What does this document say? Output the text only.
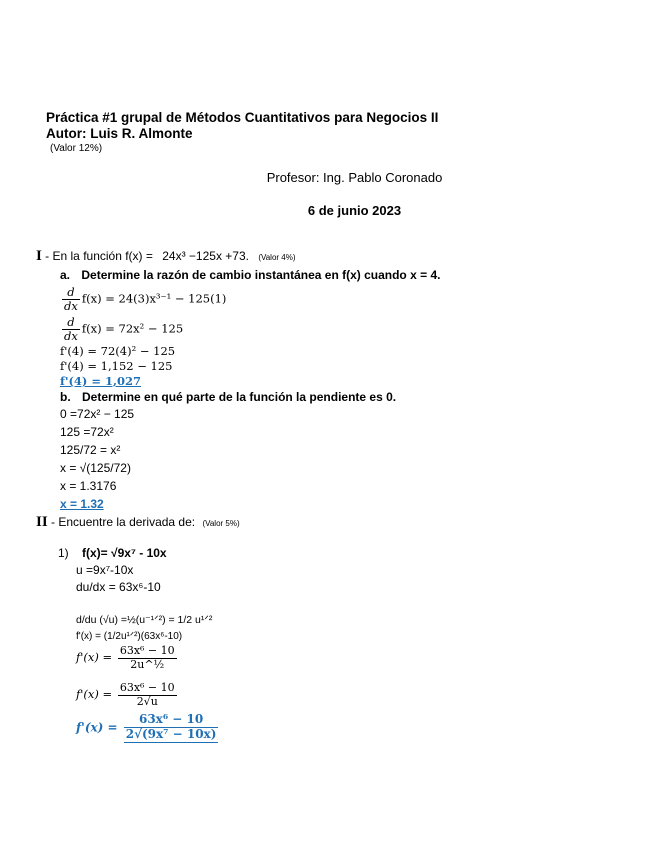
Práctica #1 grupal de Métodos Cuantitativos para Negocios II
Autor: Luis R. Almonte
(Valor 12%)
Profesor: Ing. Pablo Coronado
6 de junio 2023
I - En la función f(x) = 24x³ −125x +73. (Valor 4%)
a. Determine la razón de cambio instantánea en f(x) cuando x = 4.
$\frac{d}{dx} f(x) = 24(3)x^{3-1} - 125(1)$
$\frac{d}{dx} f(x) = 72x^2 - 125$
f'(4) = 72(4)² − 125
f'(4) = 1,152 − 125
f'(4) = 1,027
b. Determine en qué parte de la función la pendiente es 0.
0 =72x² − 125
125 =72x²
125/72 = x²
x = √(125/72)
x = 1.3176
x = 1.32
II - Encuentre la derivada de: (Valor 5%)
1) f(x)= √9x⁷ - 10x
u =9x⁷-10x
du/dx = 63x⁶-10
d/du (√u) =½(u⁻¹ᐟ²) = 1/2 u¹ᐟ²
f'(x) = (1/2u¹ᐟ²)(63x⁶-10)
$f'(x) = \frac{\text{63x⁶ − 10}}{\text{2u\textasciicircum{}½}}$
$f'(x) = \frac{\text{63x⁶ − 10}}{2√u}$
$f'(x) = \frac{\text{63x⁶ − 10}}{\text{2√(9x⁷ − 10x)}}$
